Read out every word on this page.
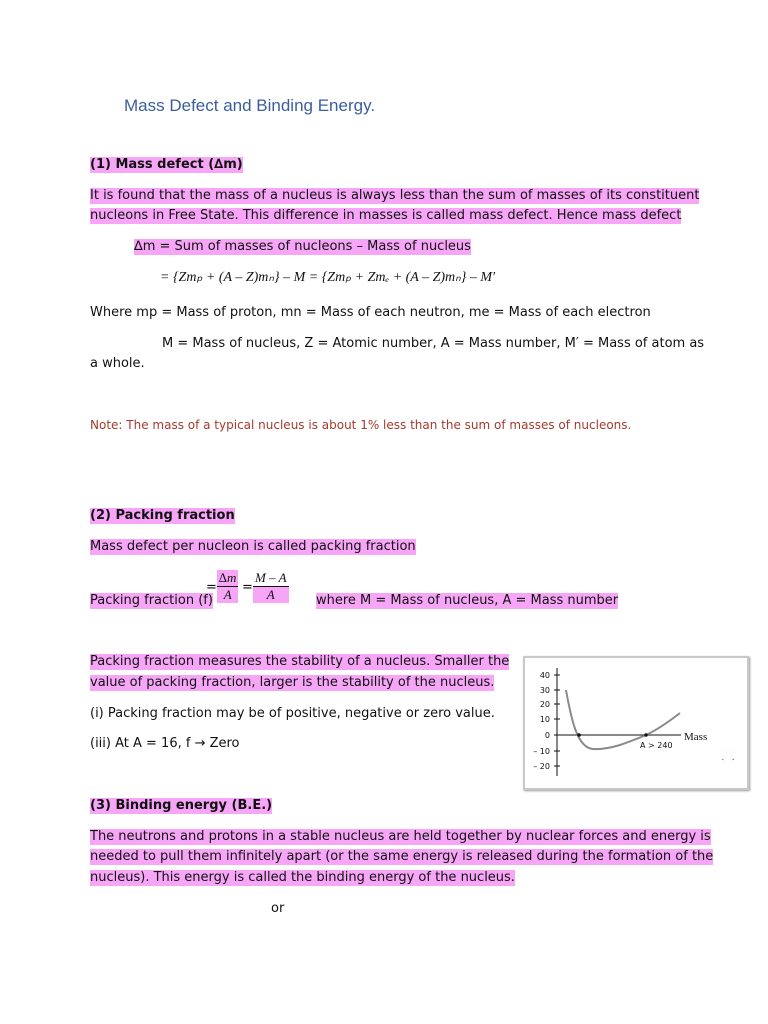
Mass Defect and Binding Energy.
(1) Mass defect (∆m)
It is found that the mass of a nucleus is always less than the sum of masses of its constituent
nucleons in Free State. This difference in masses is called mass defect. Hence mass defect
∆m = Sum of masses of nucleons – Mass of nucleus
= {Zmₚ + (A – Z)mₙ} – M = {Zmₚ + Zmₑ + (A – Z)mₙ} – M′
Where mp = Mass of proton, mn = Mass of each neutron, me = Mass of each electron
M = Mass of nucleus, Z = Atomic number, A = Mass number, M′ = Mass of atom as
a whole.
Note: The mass of a typical nucleus is about 1% less than the sum of masses of nucleons.
(2) Packing fraction
Mass defect per nucleon is called packing fraction
Packing fraction (f)
= $\frac{\Delta m}{A} = \frac{M - A}{A}$ where M = Mass of nucleus, A = Mass number
Packing fraction measures the stability of a nucleus. Smaller the
value of packing fraction, larger is the stability of the nucleus.
(i) Packing fraction may be of positive, negative or zero value.
(iii) At A = 16, f → Zero
40
30
20
10
0
– 10
– 20
A > 240
Mass
(3) Binding energy (B.E.)
The neutrons and protons in a stable nucleus are held together by nuclear forces and energy is
needed to pull them infinitely apart (or the same energy is released during the formation of the
nucleus). This energy is called the binding energy of the nucleus.
or
